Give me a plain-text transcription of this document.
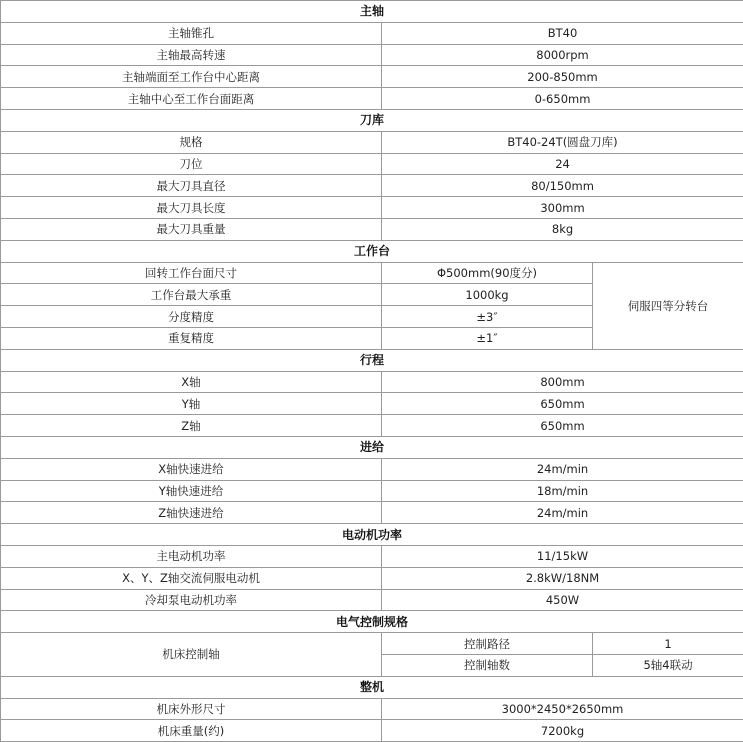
主轴		
主轴锥孔	BT40	
主轴最高转速	8000rpm	
主轴端面至工作台中心距离	200-850mm	
主轴中心至工作台面距离	0-650mm	
刀库		
规格	BT40-24T(圆盘刀库)	
刀位	24	
最大刀具直径	80/150mm	
最大刀具长度	300mm	
最大刀具重量	8kg	
工作台		
回转工作台面尺寸	Φ500mm(90度分)	伺服四等分转台
工作台最大承重	1000kg	
分度精度	±3″	
重复精度	±1″	
行程		
X轴	800mm	
Y轴	650mm	
Z轴	650mm	
进给		
X轴快速进给	24m/min	
Y轴快速进给	18m/min	
Z轴快速进给	24m/min	
电动机功率		
主电动机功率	11/15kW	
X、Y、Z轴交流伺服电动机	2.8kW/18NM	
冷却泵电动机功率	450W	
电气控制规格		
机床控制轴	控制路径	1
	控制轴数	5轴4联动
整机		
机床外形尺寸	3000*2450*2650mm	
机床重量(约)	7200kg	
